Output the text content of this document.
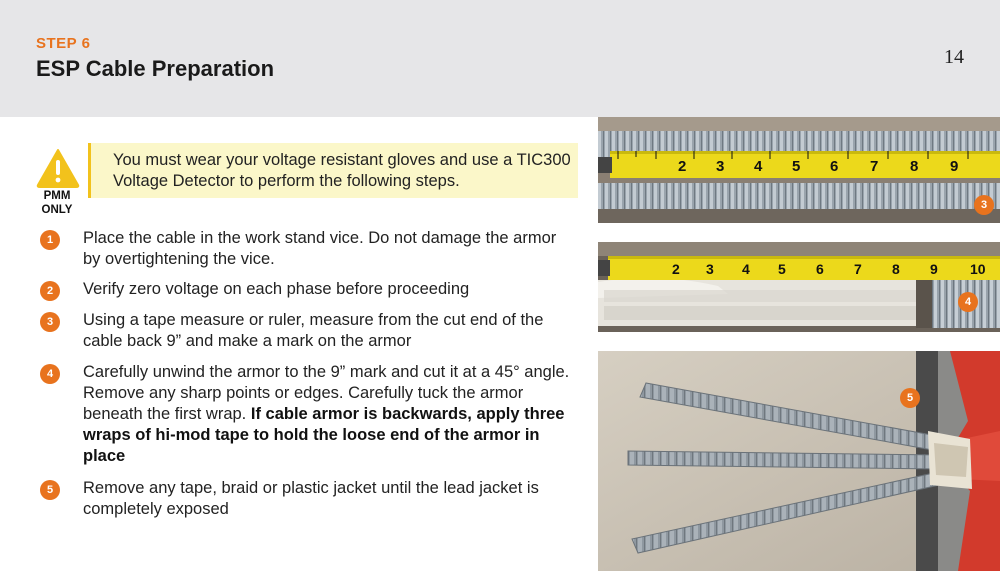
STEP 6
ESP Cable Preparation	14
PMM
ONLY
You must wear your voltage resistant gloves and use a TIC300 Voltage Detector to perform the following steps.
1	Place the cable in the work stand vice. Do not damage the armor by overtightening the vice.
2	Verify zero voltage on each phase before proceeding
3	Using a tape measure or ruler, measure from the cut end of the cable back 9” and make a mark on the armor
4	Carefully unwind the armor to the 9” mark and cut it at a 45° angle. Remove any sharp points or edges. Carefully tuck the armor beneath the first wrap. If cable armor is backwards, apply three wraps of hi-mod tape to hold the loose end of the armor in place
5	Remove any tape, braid or plastic jacket until the lead jacket is completely exposed
2 3 4 5 6 7 8 9
3
2 3 4 5 6 7 8 9 10
4
5
